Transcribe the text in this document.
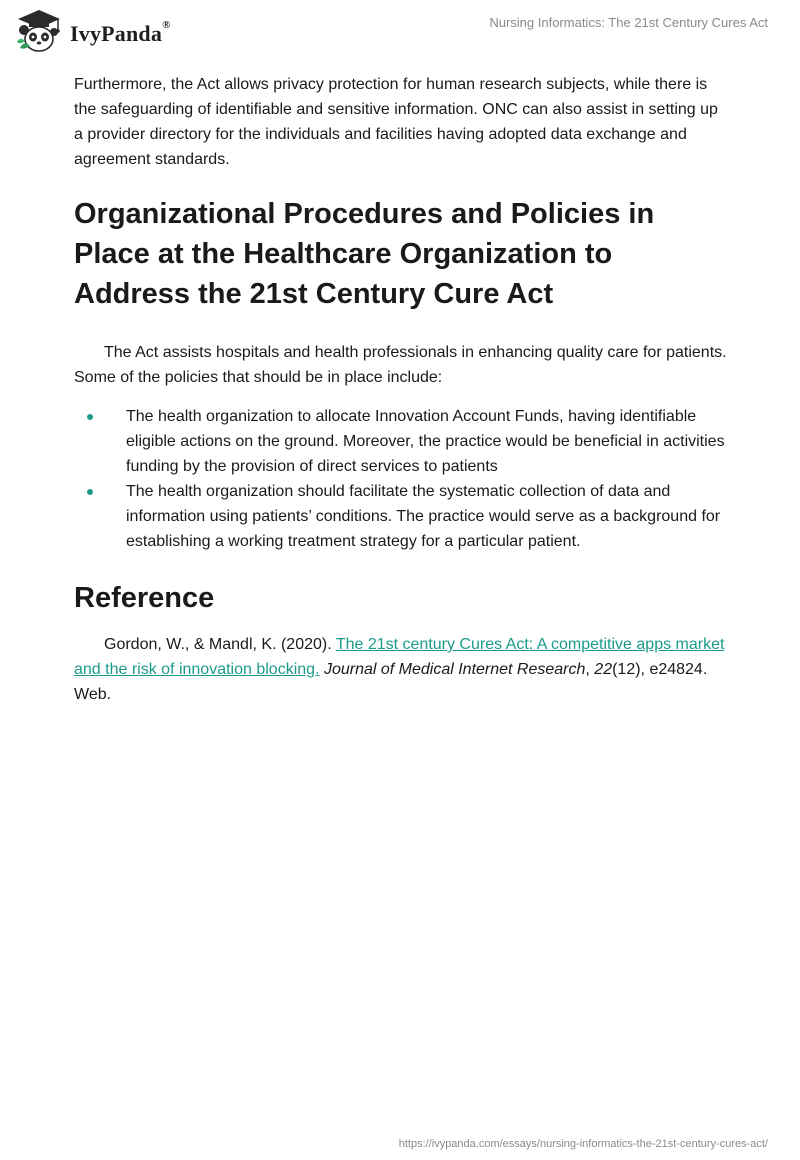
IvyPanda®	Nursing Informatics: The 21st Century Cures Act

Furthermore, the Act allows privacy protection for human research subjects, while there is the safeguarding of identifiable and sensitive information. ONC can also assist in setting up a provider directory for the individuals and facilities having adopted data exchange and agreement standards.

Organizational Procedures and Policies in Place at the Healthcare Organization to Address the 21st Century Cure Act

The Act assists hospitals and health professionals in enhancing quality care for patients. Some of the policies that should be in place include:

The health organization to allocate Innovation Account Funds, having identifiable eligible actions on the ground. Moreover, the practice would be beneficial in activities funding by the provision of direct services to patients
The health organization should facilitate the systematic collection of data and information using patients’ conditions. The practice would serve as a background for establishing a working treatment strategy for a particular patient.
Reference

Gordon, W., & Mandl, K. (2020). The 21st century Cures Act: A competitive apps market and the risk of innovation blocking. Journal of Medical Internet Research, 22(12), e24824. Web.

https://ivypanda.com/essays/nursing-informatics-the-21st-century-cures-act/
